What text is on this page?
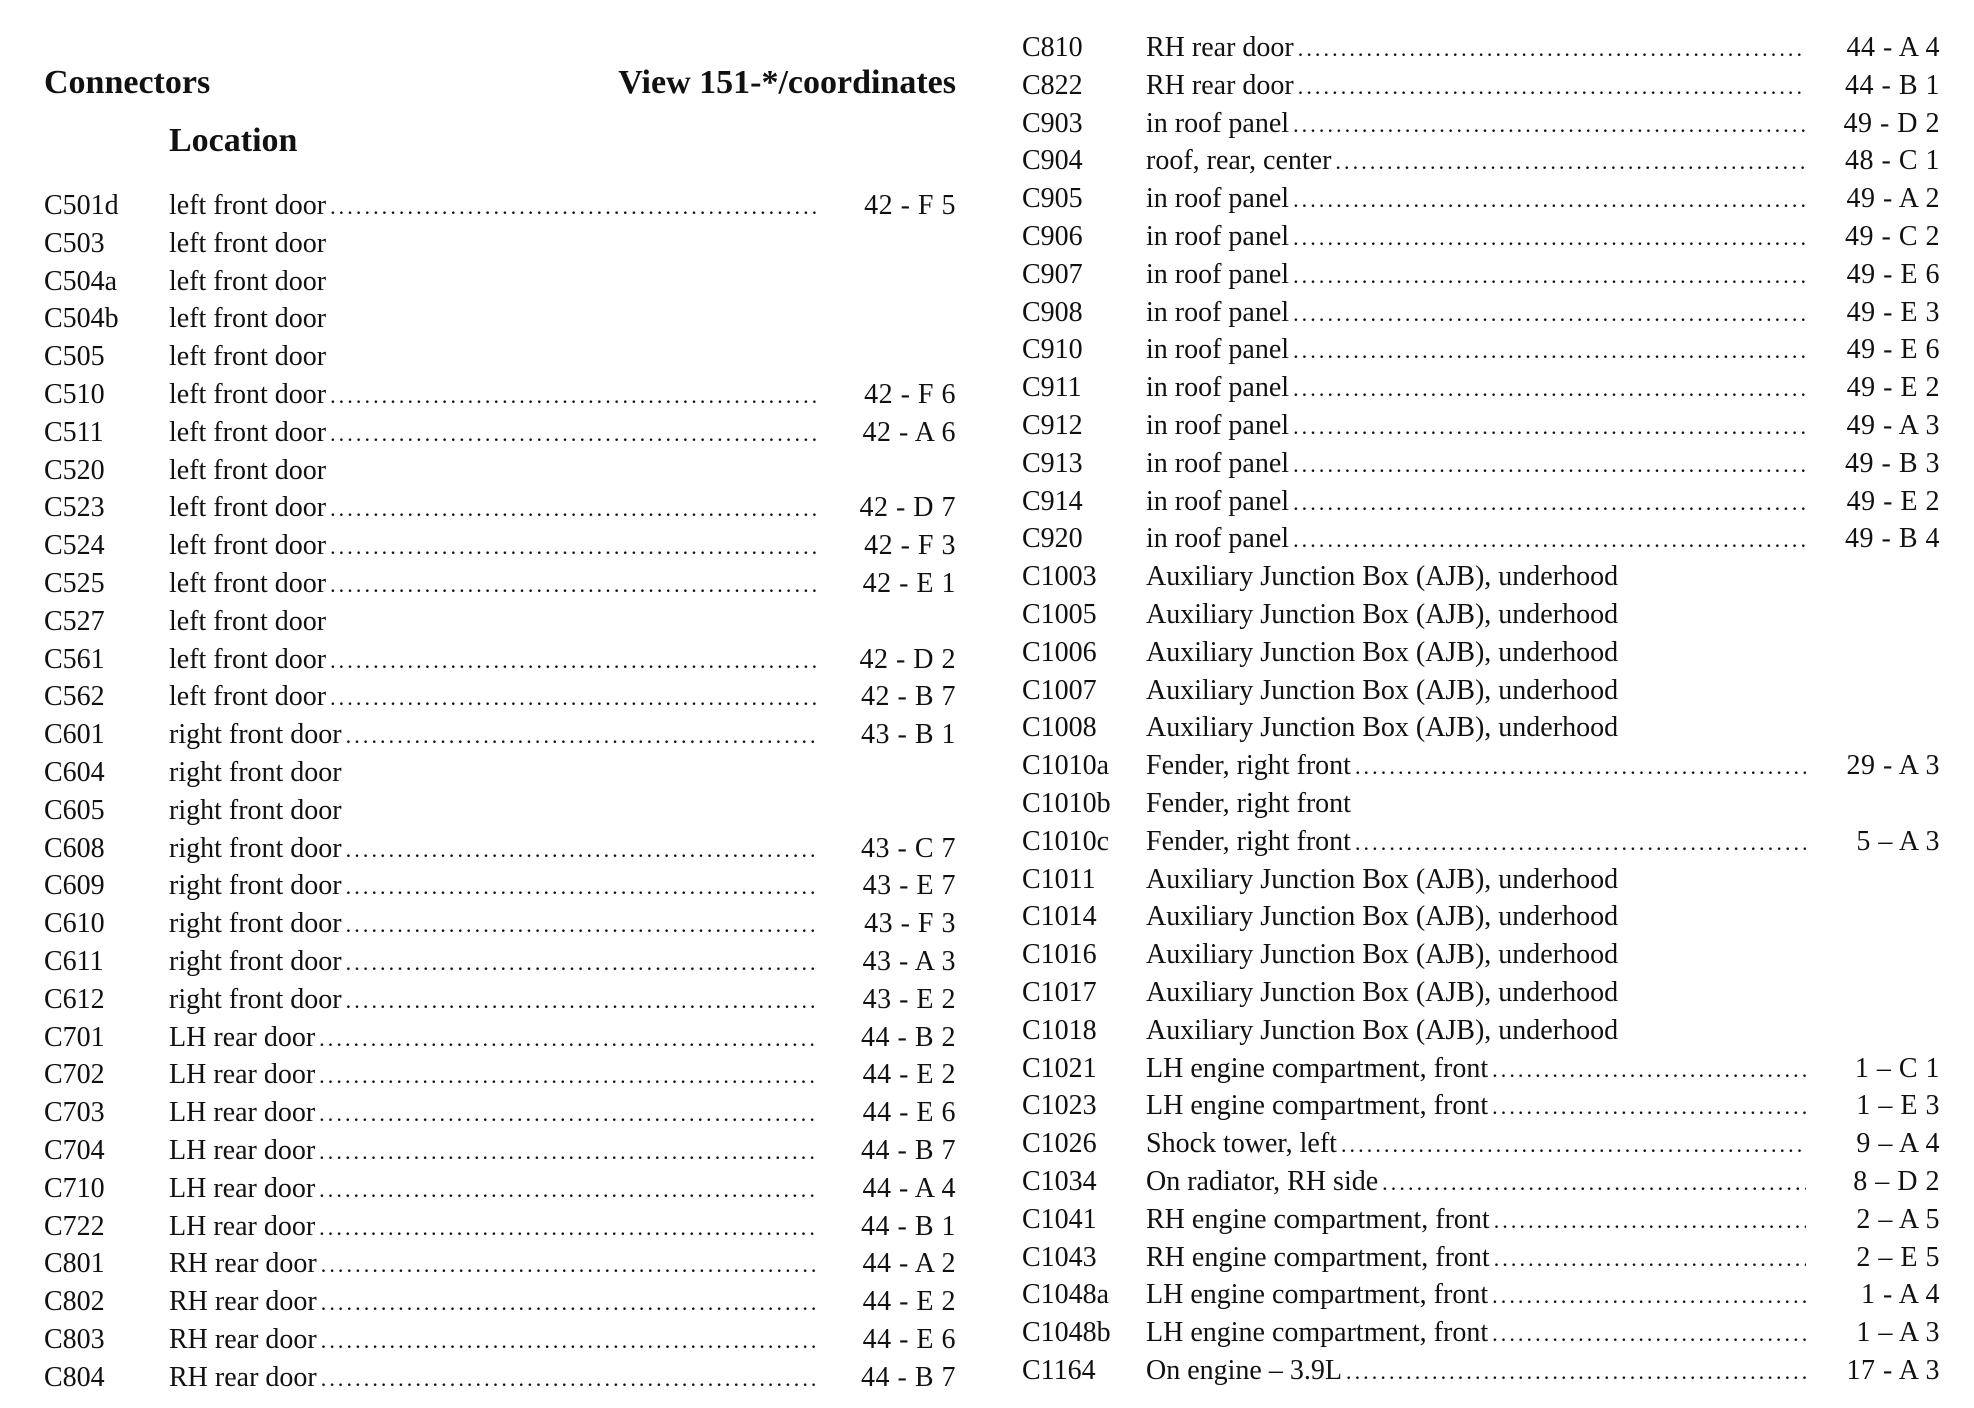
Connectors	View 151-*/coordinates
Location
C501d left front door . . .	42 - F 5
C503 left front door
C504a left front door
C504b left front door
C505 left front door
C510 left front door . . .	42 - F 6
C511 left front door . . .	42 - A 6
C520 left front door
C523 left front door . . .	42 - D 7
C524 left front door . . .	42 - F 3
C525 left front door . . .	42 - E 1
C527 left front door
C561 left front door . . .	42 - D 2
C562 left front door . . .	42 - B 7
C601 right front door . . .	43 - B 1
C604 right front door
C605 right front door
C608 right front door . . .	43 - C 7
C609 right front door . . .	43 - E 7
C610 right front door . . .	43 - F 3
C611 right front door . . .	43 - A 3
C612 right front door . . .	43 - E 2
C701 LH rear door . . .	44 - B 2
C702 LH rear door . . .	44 - E 2
C703 LH rear door . . .	44 - E 6
C704 LH rear door . . .	44 - B 7
C710 LH rear door . . .	44 - A 4
C722 LH rear door . . .	44 - B 1
C801 RH rear door . . .	44 - A 2
C802 RH rear door . . .	44 - E 2
C803 RH rear door . . .	44 - E 6
C804 RH rear door . . .	44 - B 7
C810 RH rear door . . .	44 - A 4
C822 RH rear door . . .	44 - B 1
C903 in roof panel . . .	49 - D 2
C904 roof, rear, center . . .	48 - C 1
C905 in roof panel . . .	49 - A 2
C906 in roof panel . . .	49 - C 2
C907 in roof panel . . .	49 - E 6
C908 in roof panel . . .	49 - E 3
C910 in roof panel . . .	49 - E 6
C911 in roof panel . . .	49 - E 2
C912 in roof panel . . .	49 - A 3
C913 in roof panel . . .	49 - B 3
C914 in roof panel . . .	49 - E 2
C920 in roof panel . . .	49 - B 4
C1003 Auxiliary Junction Box (AJB), underhood
C1005 Auxiliary Junction Box (AJB), underhood
C1006 Auxiliary Junction Box (AJB), underhood
C1007 Auxiliary Junction Box (AJB), underhood
C1008 Auxiliary Junction Box (AJB), underhood
C1010a Fender, right front . . .	29 - A 3
C1010b Fender, right front
C1010c Fender, right front . . .	5 – A 3
C1011 Auxiliary Junction Box (AJB), underhood
C1014 Auxiliary Junction Box (AJB), underhood
C1016 Auxiliary Junction Box (AJB), underhood
C1017 Auxiliary Junction Box (AJB), underhood
C1018 Auxiliary Junction Box (AJB), underhood
C1021 LH engine compartment, front . . .	1 – C 1
C1023 LH engine compartment, front . . .	1 – E 3
C1026 Shock tower, left . . .	9 – A 4
C1034 On radiator, RH side . . .	8 – D 2
C1041 RH engine compartment, front . . .	2 – A 5
C1043 RH engine compartment, front . . .	2 – E 5
C1048a LH engine compartment, front . . .	1 - A 4
C1048b LH engine compartment, front . . .	1 – A 3
C1164 On engine – 3.9L . . .	17 - A 3
